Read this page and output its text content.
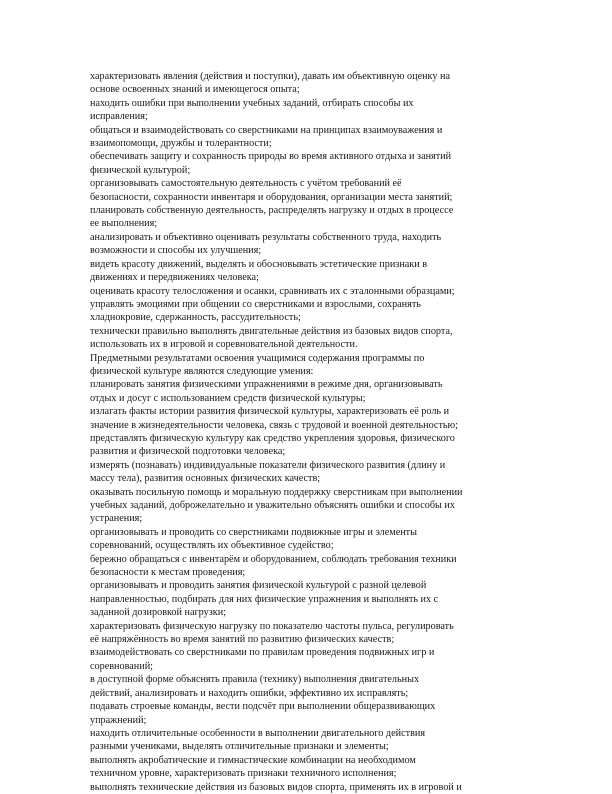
характеризовать явления (действия и поступки), давать им объективную оценку на
основе освоенных знаний и имеющегося опыта;
находить ошибки при выполнении учебных заданий, отбирать способы их
исправления;
общаться и взаимодействовать со сверстниками на принципах взаимоуважения и
взаимопомощи, дружбы и толерантности;
обеспечивать защиту и сохранность природы во время активного отдыха и занятий
физической культурой;
организовывать самостоятельную деятельность с учётом требований её
безопасности, сохранности инвентаря и оборудования, организации места занятий;
планировать собственную деятельность, распределять нагрузку и отдых в процессе
ее выполнения;
анализировать и объективно оценивать результаты собственного труда, находить
возможности и способы их улучшения;
видеть красоту движений, выделять и обосновывать эстетические признаки в
движениях и передвижениях человека;
оценивать красоту телосложения и осанки, сравнивать их с эталонными образцами;
управлять эмоциями при общении со сверстниками и взрослыми, сохранять
хладнокровие, сдержанность, рассудительность;
технически правильно выполнять двигательные действия из базовых видов спорта,
использовать их в игровой и соревновательной деятельности.
Предметными результатами освоения учащимися содержания программы по
физической культуре являются следующие умения:
планировать занятия физическими упражнениями в режиме дня, организовывать
отдых и досуг с использованием средств физической культуры;
излагать факты истории развития физической культуры, характеризовать её роль и
значение в жизнедеятельности человека, связь с трудовой и военной деятельностью;
представлять физическую культуру как средство укрепления здоровья, физического
развития и физической подготовки человека;
измерять (познавать) индивидуальные показатели физического развития (длину и
массу тела), развития основных физических качеств;
оказывать посильную помощь и моральную поддержку сверстникам при выполнении
учебных заданий, доброжелательно и уважительно объяснять ошибки и способы их
устранения;
организовывать и проводить со сверстниками подвижные игры и элементы
соревнований, осуществлять их объективное судейство;
бережно обращаться с инвентарём и оборудованием, соблюдать требования техники
безопасности к местам проведения;
организовывать и проводить занятия физической культурой с разной целевой
направленностью, подбирать для них физические упражнения и выполнять их с
заданной дозировкой нагрузки;
характеризовать физическую нагрузку по показателю частоты пульса, регулировать
её напряжённость во время занятий по развитию физических качеств;
взаимодействовать со сверстниками по правилам проведения подвижных игр и
соревнований;
в доступной форме объяснять правила (технику) выполнения двигательных
действий, анализировать и находить ошибки, эффективно их исправлять;
подавать строевые команды, вести подсчёт при выполнении общеразвивающих
упражнений;
находить отличительные особенности в выполнении двигательного действия
разными учениками, выделять отличительные признаки и элементы;
выполнять акробатические и гимнастические комбинации на необходимом
техничном уровне, характеризовать признаки техничного исполнения;
выполнять технические действия из базовых видов спорта, применять их в игровой и
